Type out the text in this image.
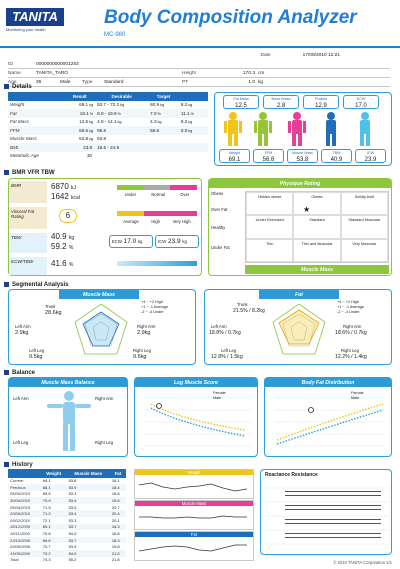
TANITA
Monitoring your health
Body Composition Analyzer
MC-980
Date	17/09/2010 12:21
ID	0000000000001283
Name	TANITA_TARO	Height	170.3 cm
Age	36	Male	Type	Standard	PT	1.0 kg
Details
	Result	Desirable	Target	
Weight	69.1kg	53.7 - 72.2kg	60.9kg	8.2kg
Fat	18.1%	8.0 - 19.9%	7.0%	11.1%
Fat Mass	12.5kg	4.9 - 14.1kg	4.3kg	8.2kg
FFM	56.6kg	56.6	56.6	0.0kg
Muscle Mass	53.8kg	53.8		
BMI	23.8	18.5 - 24.9		
Metabolic Age	30			
Fat Mass
12.5
Bone Mass
2.8
Protein
12.9
ECW
17.0
Weight
69.1
FFM
56.6
Muscle Mass
53.8
TBW
40.9
ICW
23.9
BMR VFR TBW
BMR	6870 kJ
1642 kcal
Under	Normal	Over
Visceral Fat Rating	6
Average	High	Very High
TBW	40.9 kg
59.2 %
ECW 17.0 kg	ICW 23.9 kg
ECW/TBW	41.6 %
Physique Rating
Obese
Over Fat
Healthy
Under Fat
Hidden obese	Obese	Solidly-built
Under Exercised	Standard	Standard Muscular
Thin	Thin and Muscular	Very Muscular
★
Muscle Mass
Segmental Analysis
Muscle Mass
Trunk
28.6kg
Left Arm
2.9kg
Right Arm
2.9kg
Left Leg
9.5kg
Right Leg
9.6kg
+4 ~ +2 High
+1 ~ -1 Average
-2 ~ -4 Under
Fat
Trunk
21.5% / 8.2kg
Left Arm
18.8% / 0.7kg
Right Arm
18.6% / 0.7kg
Left Leg
12.8% / 1.5kg
Right Leg
12.2% / 1.4kg
+4 ~ +2 High
+1 ~ -1 Average
-2 ~ -4 Under
Balance
Muscle Mass Balance
Left Arm	Right Arm
Left Leg	Right Leg
Leg Muscle Score
Female
Male
Body Fat Distribution
Female
Male
History
	Weight	Muscle Mass	Fat
Current	69.1	53.8	18.1
Previous	68.1	53.9	18.4
05/06/2010	69.5	53.3	18.8
30/04/2010	70.9	53.4	19.6
05/04/2010	71.5	53.5	20.7
20/06/2010	71.2	53.4	20.4
05/02/2010	72.1	53.3	20.1
18/12/2009	69.1	53.7	16.3
18/11/2009	70.8	54.0	16.8
23/10/2009	69.6	53.7	18.3
03/08/2009	70.7	53.9	19.8
15/05/2009	73.2	54.0	21.5
Total	74.3	55.2	21.8
Weight
Muscle Mass
Fat
Reactance Resistance
© 2010 TANITA Corporation 1/1
